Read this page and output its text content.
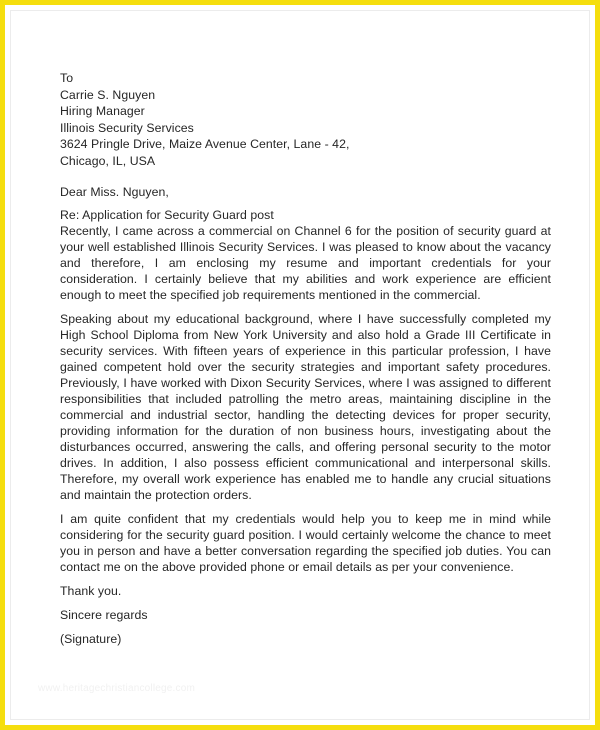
To
Carrie S. Nguyen
Hiring Manager
Illinois Security Services
3624 Pringle Drive, Maize Avenue Center, Lane - 42,
Chicago, IL, USA
Dear Miss. Nguyen,
Re: Application for Security Guard post

Recently, I came across a commercial on Channel 6 for the position of security guard at your well established Illinois Security Services. I was pleased to know about the vacancy and therefore, I am enclosing my resume and important credentials for your consideration. I certainly believe that my abilities and work experience are efficient enough to meet the specified job requirements mentioned in the commercial.

Speaking about my educational background, where I have successfully completed my High School Diploma from New York University and also hold a Grade III Certificate in security services. With fifteen years of experience in this particular profession, I have gained competent hold over the security strategies and important safety procedures. Previously, I have worked with Dixon Security Services, where I was assigned to different responsibilities that included patrolling the metro areas, maintaining discipline in the commercial and industrial sector, handling the detecting devices for proper security, providing information for the duration of non business hours, investigating about the disturbances occurred, answering the calls, and offering personal security to the motor drives. In addition, I also possess efficient communicational and interpersonal skills. Therefore, my overall work experience has enabled me to handle any crucial situations and maintain the protection orders.

I am quite confident that my credentials would help you to keep me in mind while considering for the security guard position. I would certainly welcome the chance to meet you in person and have a better conversation regarding the specified job duties. You can contact me on the above provided phone or email details as per your convenience.

Thank you.
Sincere regards
(Signature)
www.heritagechristiancollege.com
